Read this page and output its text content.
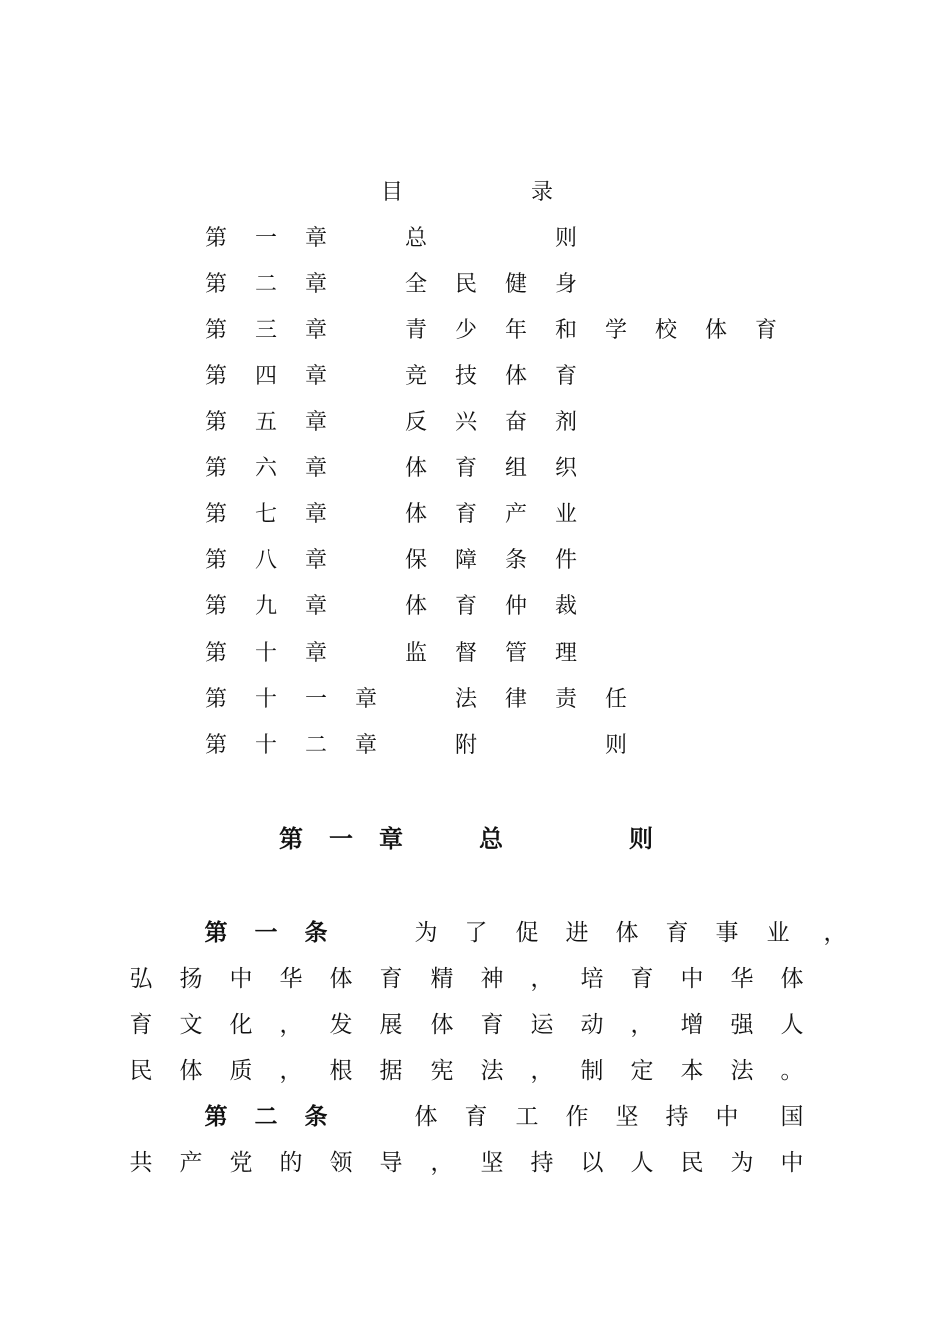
目	录
第 一 章	总	则
第 二 章	全 民 健 身
第 三 章	青 少 年 和 学 校 体 育
第 四 章	竞 技 体 育
第 五 章	反 兴 奋 剂
第 六 章	体 育 组 织
第 七 章	体 育 产 业
第 八 章	保 障 条 件
第 九 章	体 育 仲 裁
第 十 章	监 督 管 理
第 十 一 章	法 律 责 任
第 十 二 章	附	则
第 一 章	总	则
第 一 条	为 了 促 进 体 育 事 业 ，
弘 扬 中 华 体 育 精 神 ， 培 育 中 华 体
育 文 化 ， 发 展 体 育 运 动 ， 增 强 人
民 体 质 ， 根 据 宪 法 ， 制 定 本 法 。
第 二 条	体 育 工 作 坚 持 中 国
共 产 党 的 领 导 ， 坚 持 以 人 民 为 中
